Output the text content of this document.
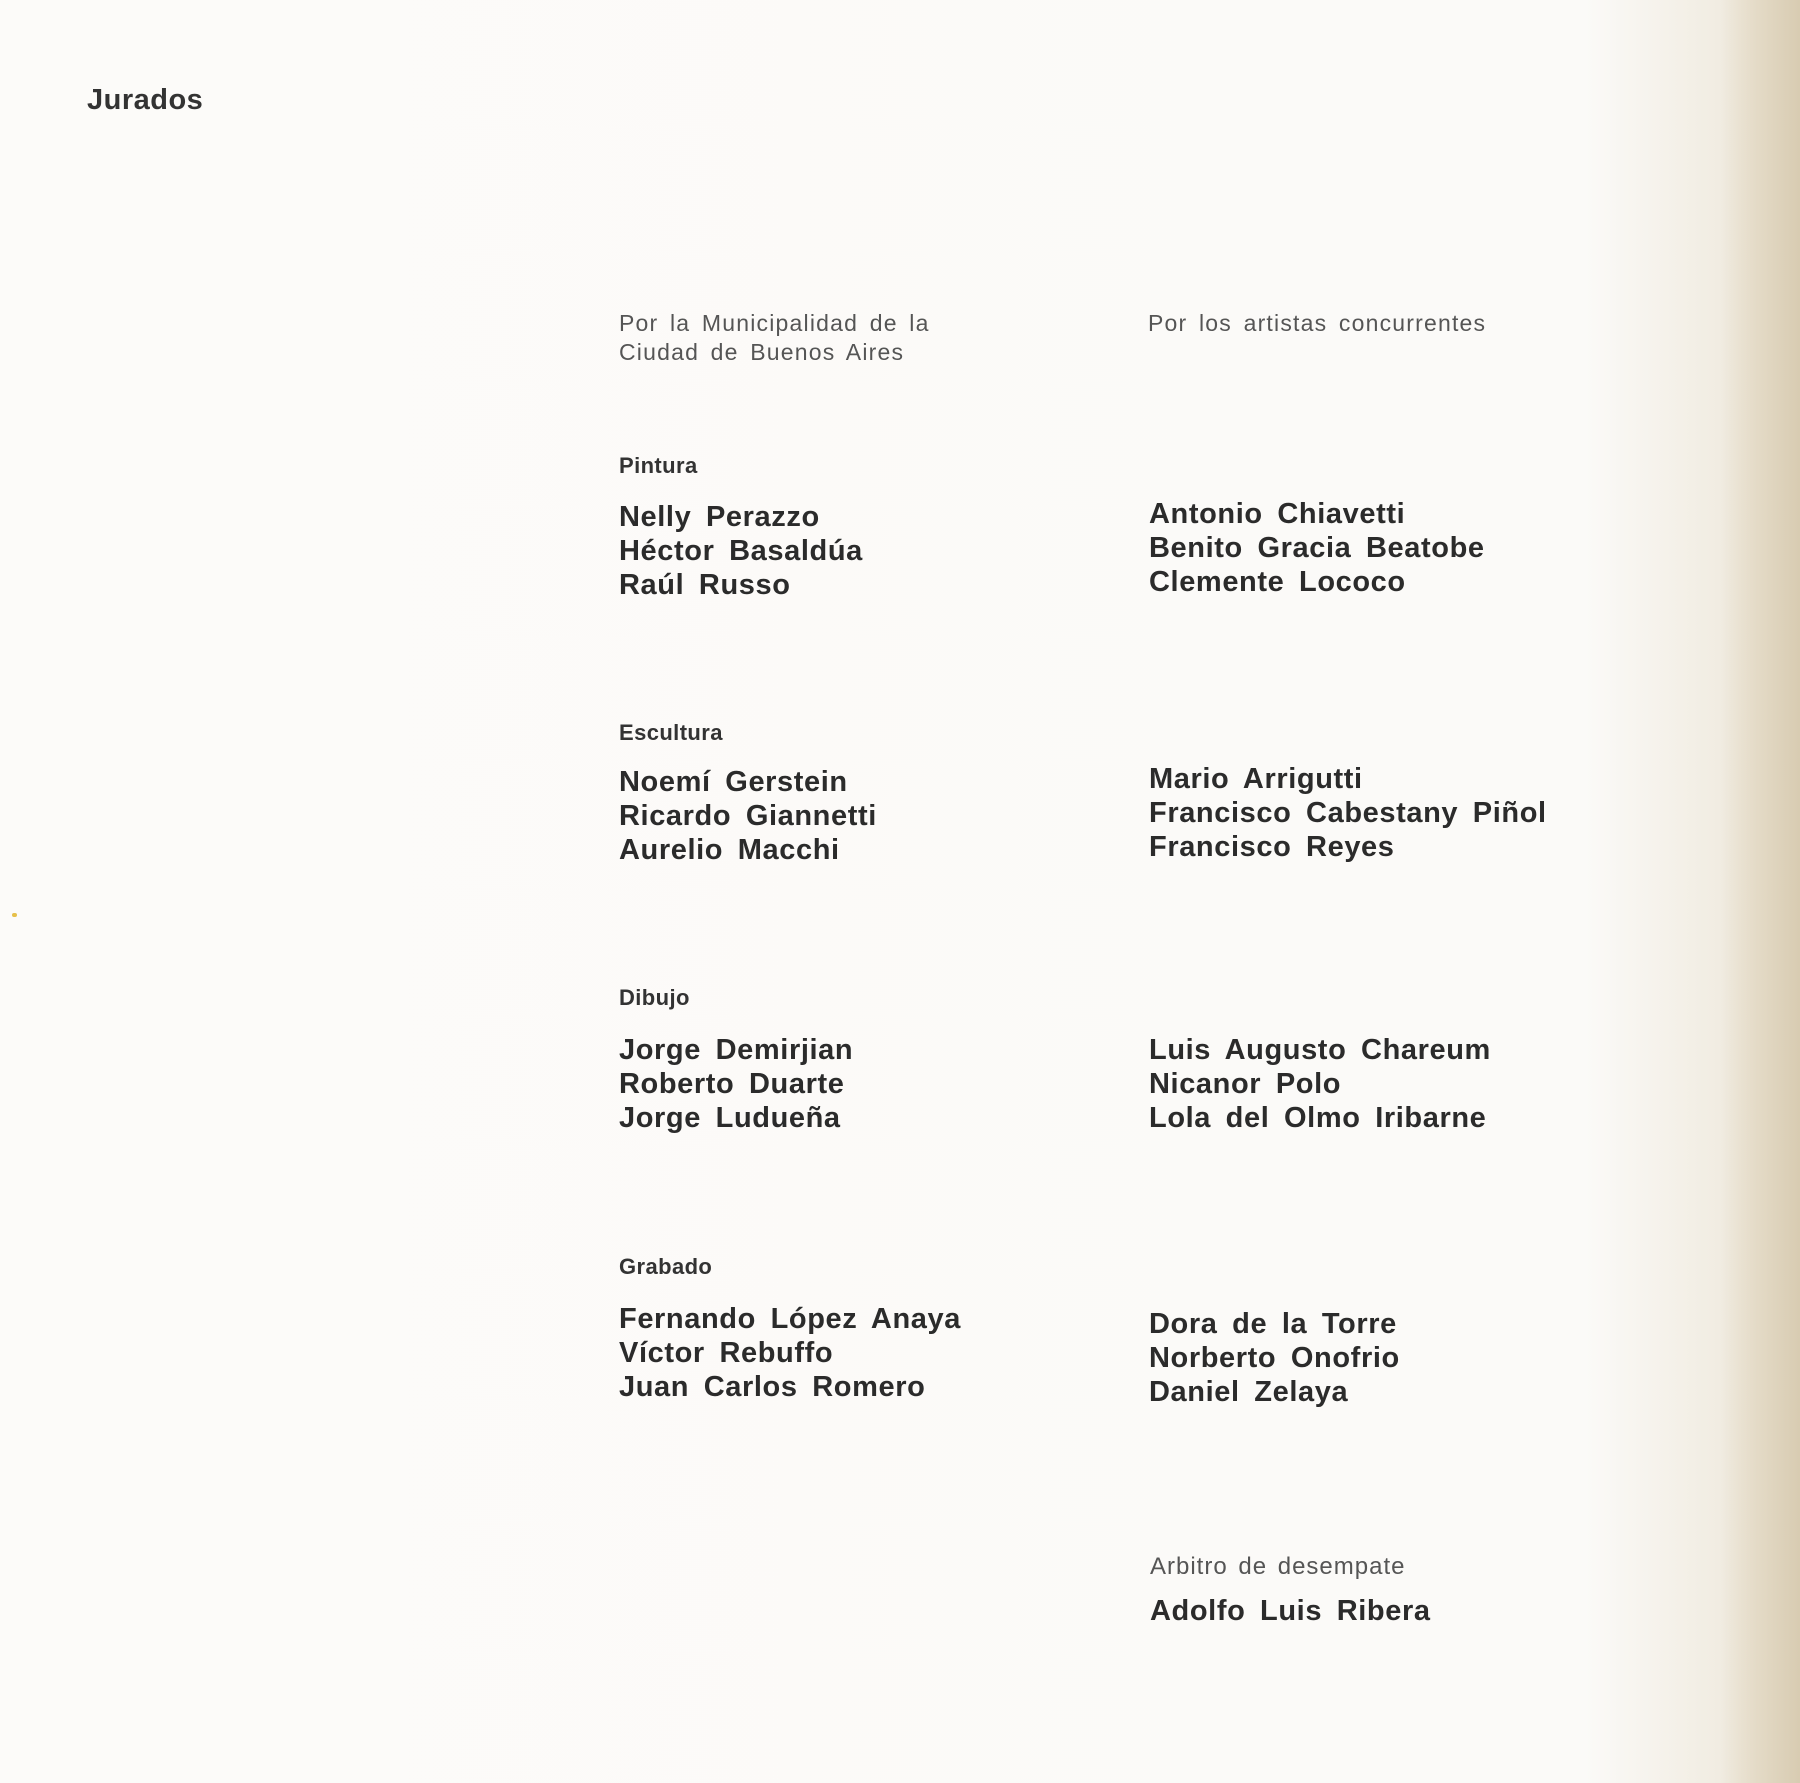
Jurados
Por la Municipalidad de la Ciudad de Buenos Aires
Por los artistas concurrentes
Pintura
Nelly Perazzo
Héctor Basaldúa
Raúl Russo
Antonio Chiavetti
Benito Gracia Beatobe
Clemente Lococo
Escultura
Noemí Gerstein
Ricardo Giannetti
Aurelio Macchi
Mario Arrigutti
Francisco Cabestany Piñol
Francisco Reyes
Dibujo
Jorge Demirjian
Roberto Duarte
Jorge Ludueña
Luis Augusto Chareum
Nicanor Polo
Lola del Olmo Iribarne
Grabado
Fernando López Anaya
Víctor Rebuffo
Juan Carlos Romero
Dora de la Torre
Norberto Onofrio
Daniel Zelaya
Arbitro de desempate
Adolfo Luis Ribera
